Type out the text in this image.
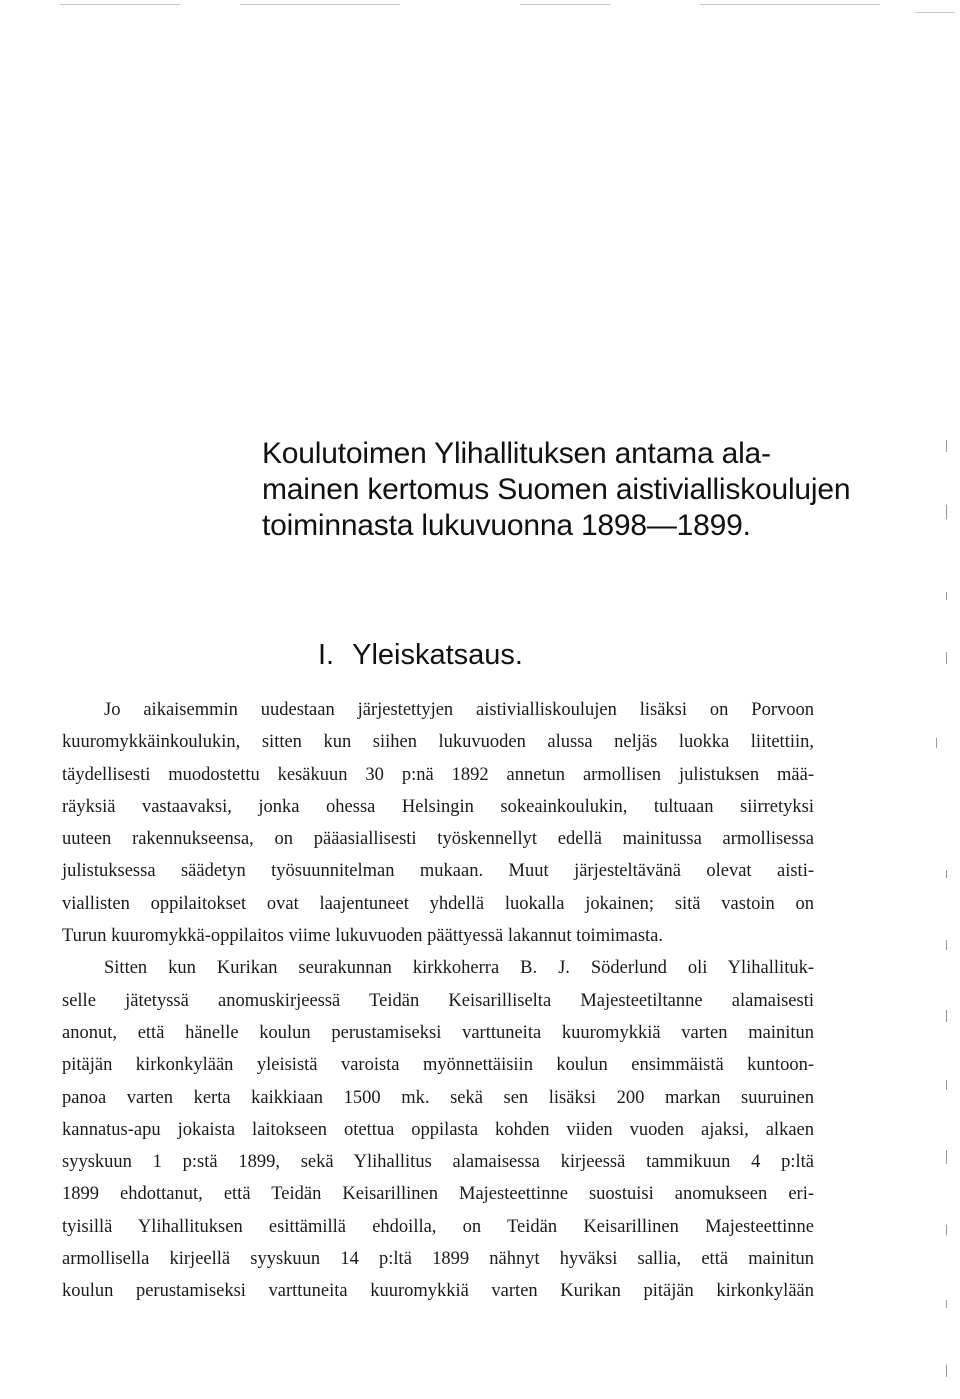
Koulutoimen Ylihallituksen antama ala-
mainen kertomus Suomen aistivialliskoulujen
toiminnasta lukuvuonna 1898—1899.
I. Yleiskatsaus.
Jo aikaisemmin uudestaan järjestettyjen aistivialliskoulujen lisäksi on Porvoon
kuuromykkäinkoulukin, sitten kun siihen lukuvuoden alussa neljäs luokka liitettiin,
täydellisesti muodostettu kesäkuun 30 p:nä 1892 annetun armollisen julistuksen mää-
räyksiä vastaavaksi, jonka ohessa Helsingin sokeainkoulukin, tultuaan siirretyksi
uuteen rakennukseensa, on pääasiallisesti työskennellyt edellä mainitussa armollisessa
julistuksessa säädetyn työsuunnitelman mukaan. Muut järjesteltävänä olevat aisti-
viallisten oppilaitokset ovat laajentuneet yhdellä luokalla jokainen; sitä vastoin on
Turun kuuromykkä-oppilaitos viime lukuvuoden päättyessä lakannut toimimasta.
Sitten kun Kurikan seurakunnan kirkkoherra B. J. Söderlund oli Ylihallituk-
selle jätetyssä anomuskirjeessä Teidän Keisarilliselta Majesteetiltanne alamaisesti
anonut, että hänelle koulun perustamiseksi varttuneita kuuromykkiä varten mainitun
pitäjän kirkonkylään yleisistä varoista myönnettäisiin koulun ensimmäistä kuntoon-
panoa varten kerta kaikkiaan 1500 mk. sekä sen lisäksi 200 markan suuruinen
kannatus-apu jokaista laitokseen otettua oppilasta kohden viiden vuoden ajaksi, alkaen
syyskuun 1 p:stä 1899, sekä Ylihallitus alamaisessa kirjeessä tammikuun 4 p:ltä
1899 ehdottanut, että Teidän Keisarillinen Majesteettinne suostuisi anomukseen eri-
tyisillä Ylihallituksen esittämillä ehdoilla, on Teidän Keisarillinen Majesteettinne
armollisella kirjeellä syyskuun 14 p:ltä 1899 nähnyt hyväksi sallia, että mainitun
koulun perustamiseksi varttuneita kuuromykkiä varten Kurikan pitäjän kirkonkylään
